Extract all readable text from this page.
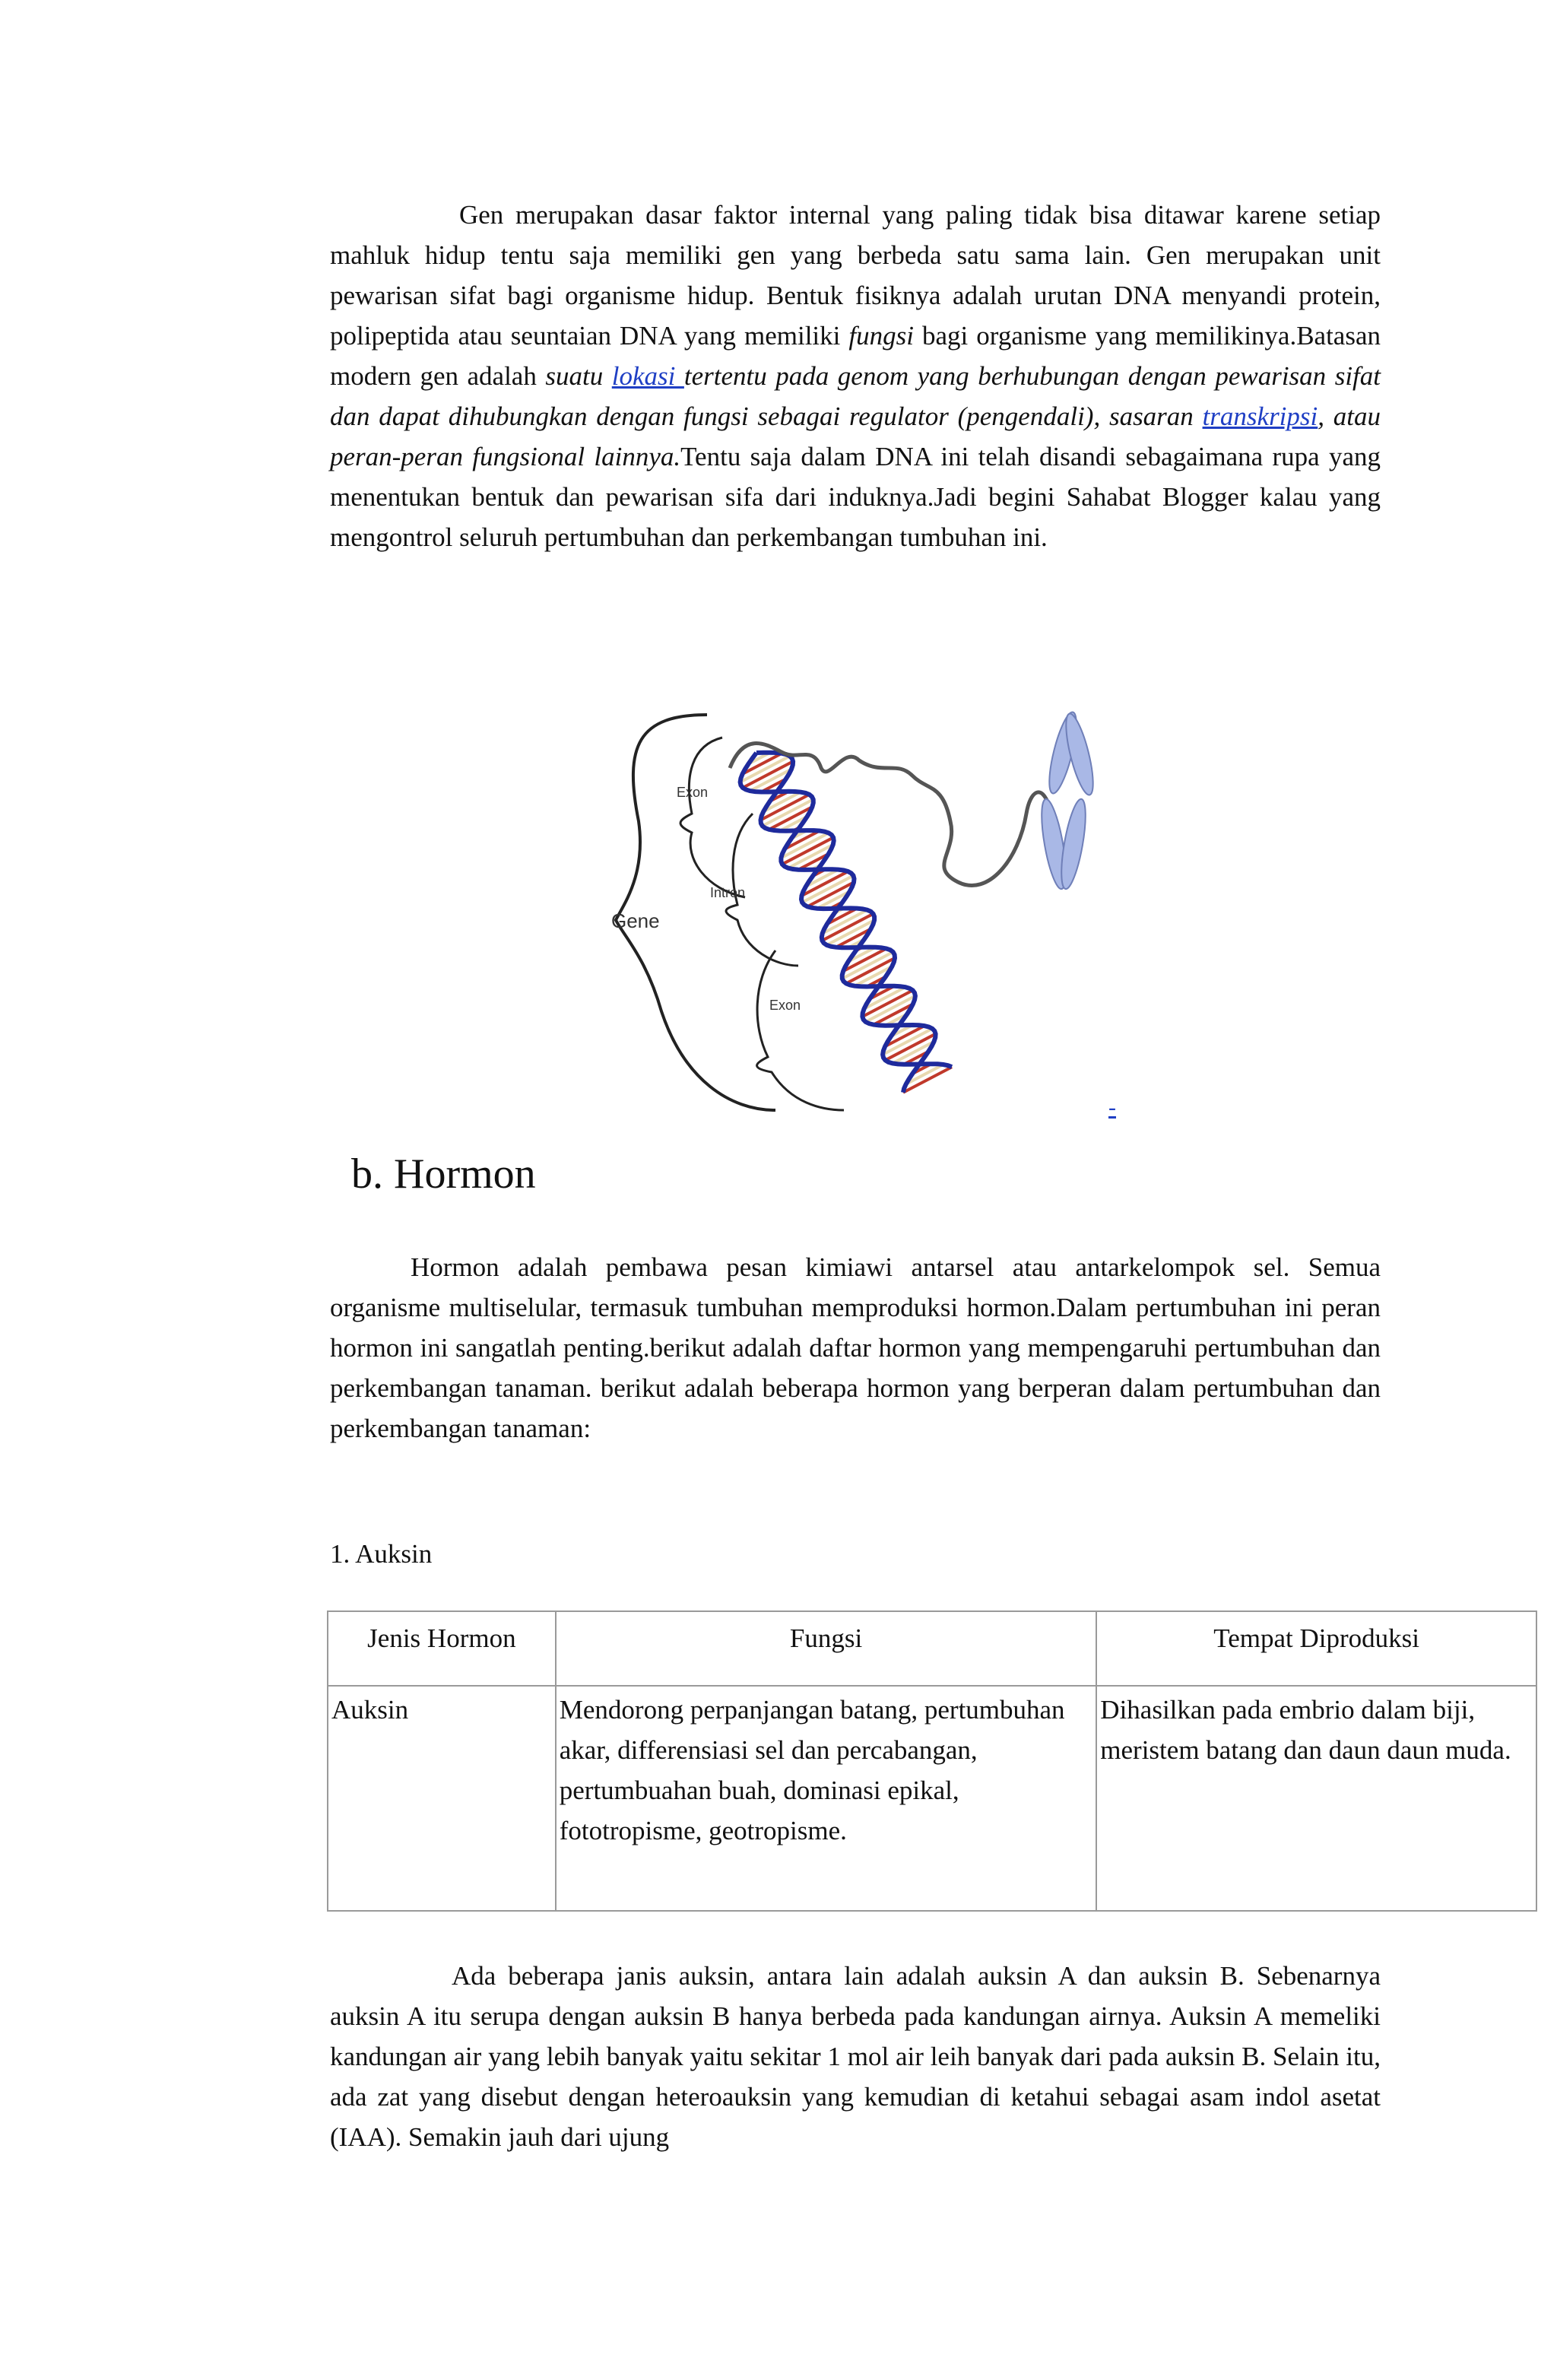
Gen merupakan dasar faktor internal yang paling tidak bisa ditawar karene setiap mahluk hidup tentu saja memiliki gen yang berbeda satu sama lain. Gen merupakan unit pewarisan sifat bagi organisme hidup. Bentuk fisiknya adalah urutan DNA menyandi protein, polipeptida atau seuntaian DNA yang memiliki fungsi bagi organisme yang memilikinya.Batasan modern gen adalah suatu lokasi tertentu pada genom yang berhubungan dengan pewarisan sifat dan dapat dihubungkan dengan fungsi sebagai regulator (pengendali), sasaran transkripsi, atau peran-peran fungsional lainnya.Tentu saja dalam DNA ini telah disandi sebagaimana rupa yang menentukan bentuk dan pewarisan sifa dari induknya.Jadi begini Sahabat Blogger kalau yang mengontrol seluruh pertumbuhan dan perkembangan tumbuhan ini.

Exon
Intron
Gene
Exon
-
b. Hormon

Hormon adalah pembawa pesan kimiawi antarsel atau antarkelompok sel. Semua organisme multiselular, termasuk tumbuhan memproduksi hormon.Dalam pertumbuhan ini peran hormon ini sangatlah penting.berikut adalah daftar hormon yang mempengaruhi pertumbuhan dan perkembangan tanaman. berikut adalah beberapa hormon yang berperan dalam pertumbuhan dan perkembangan tanaman:

1. Auksin

Jenis Hormon	Fungsi	Tempat Diproduksi
Auksin	Mendorong perpanjangan batang, pertumbuhan akar, differensiasi sel dan percabangan, pertumbuahan buah, dominasi epikal, fototropisme, geotropisme.	Dihasilkan pada embrio dalam biji, meristem batang dan daun daun muda.

Ada beberapa janis auksin, antara lain adalah auksin A dan auksin B. Sebenarnya auksin A itu serupa dengan auksin B hanya berbeda pada kandungan airnya. Auksin A memeliki kandungan air yang lebih banyak yaitu sekitar 1 mol air leih banyak dari pada auksin B. Selain itu, ada zat yang disebut dengan heteroauksin yang kemudian di ketahui sebagai asam indol asetat (IAA). Semakin jauh dari ujung
